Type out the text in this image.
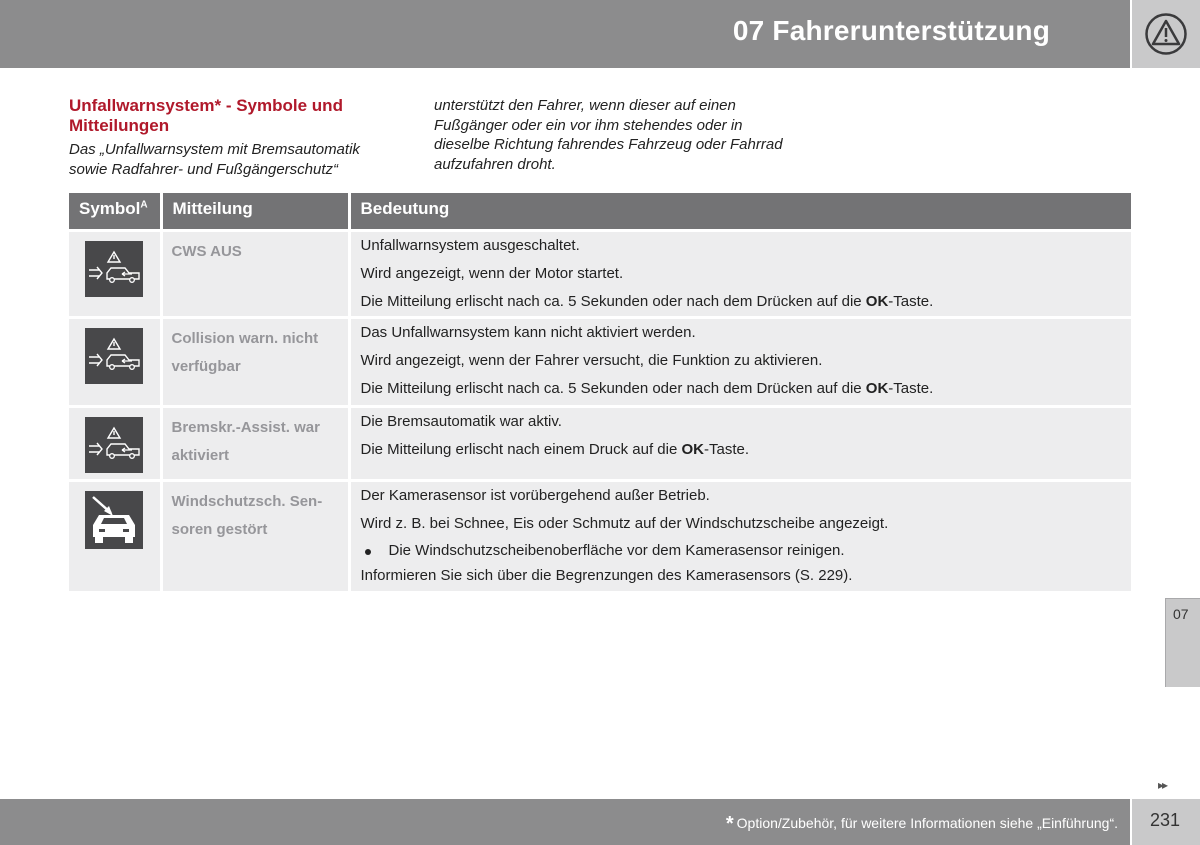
07 Fahrerunterstützung
Unfallwarnsystem* - Symbole und Mitteilungen
Das „Unfallwarnsystem mit Bremsautomatik sowie Radfahrer- und Fußgängerschutz“
unterstützt den Fahrer, wenn dieser auf einen Fußgänger oder ein vor ihm stehendes oder in dieselbe Richtung fahrendes Fahrzeug oder Fahrrad aufzufahren droht.
Symbol$^A$	Mitteilung	Bedeutung

CWS AUS	Unfallwarnsystem ausgeschaltet.
Wird angezeigt, wenn der Motor startet.
Die Mitteilung erlischt nach ca. 5 Sekunden oder nach dem Drücken auf die OK-Taste.

Collision warn. nicht verfügbar	Das Unfallwarnsystem kann nicht aktiviert werden.
Wird angezeigt, wenn der Fahrer versucht, die Funktion zu aktivieren.
Die Mitteilung erlischt nach ca. 5 Sekunden oder nach dem Drücken auf die OK-Taste.

Bremskr.-Assist. war aktiviert	Die Bremsautomatik war aktiv.
Die Mitteilung erlischt nach einem Druck auf die OK-Taste.

Windschutzsch. Sen-soren gestört	Der Kamerasensor ist vorübergehend außer Betrieb.
Wird z. B. bei Schnee, Eis oder Schmutz auf der Windschutzscheibe angezeigt.
Die Windschutzscheibenoberfläche vor dem Kamerasensor reinigen.
Informieren Sie sich über die Begrenzungen des Kamerasensors (S. 229).
07
▸▸
* Option/Zubehör, für weitere Informationen siehe „Einführung“. 231
